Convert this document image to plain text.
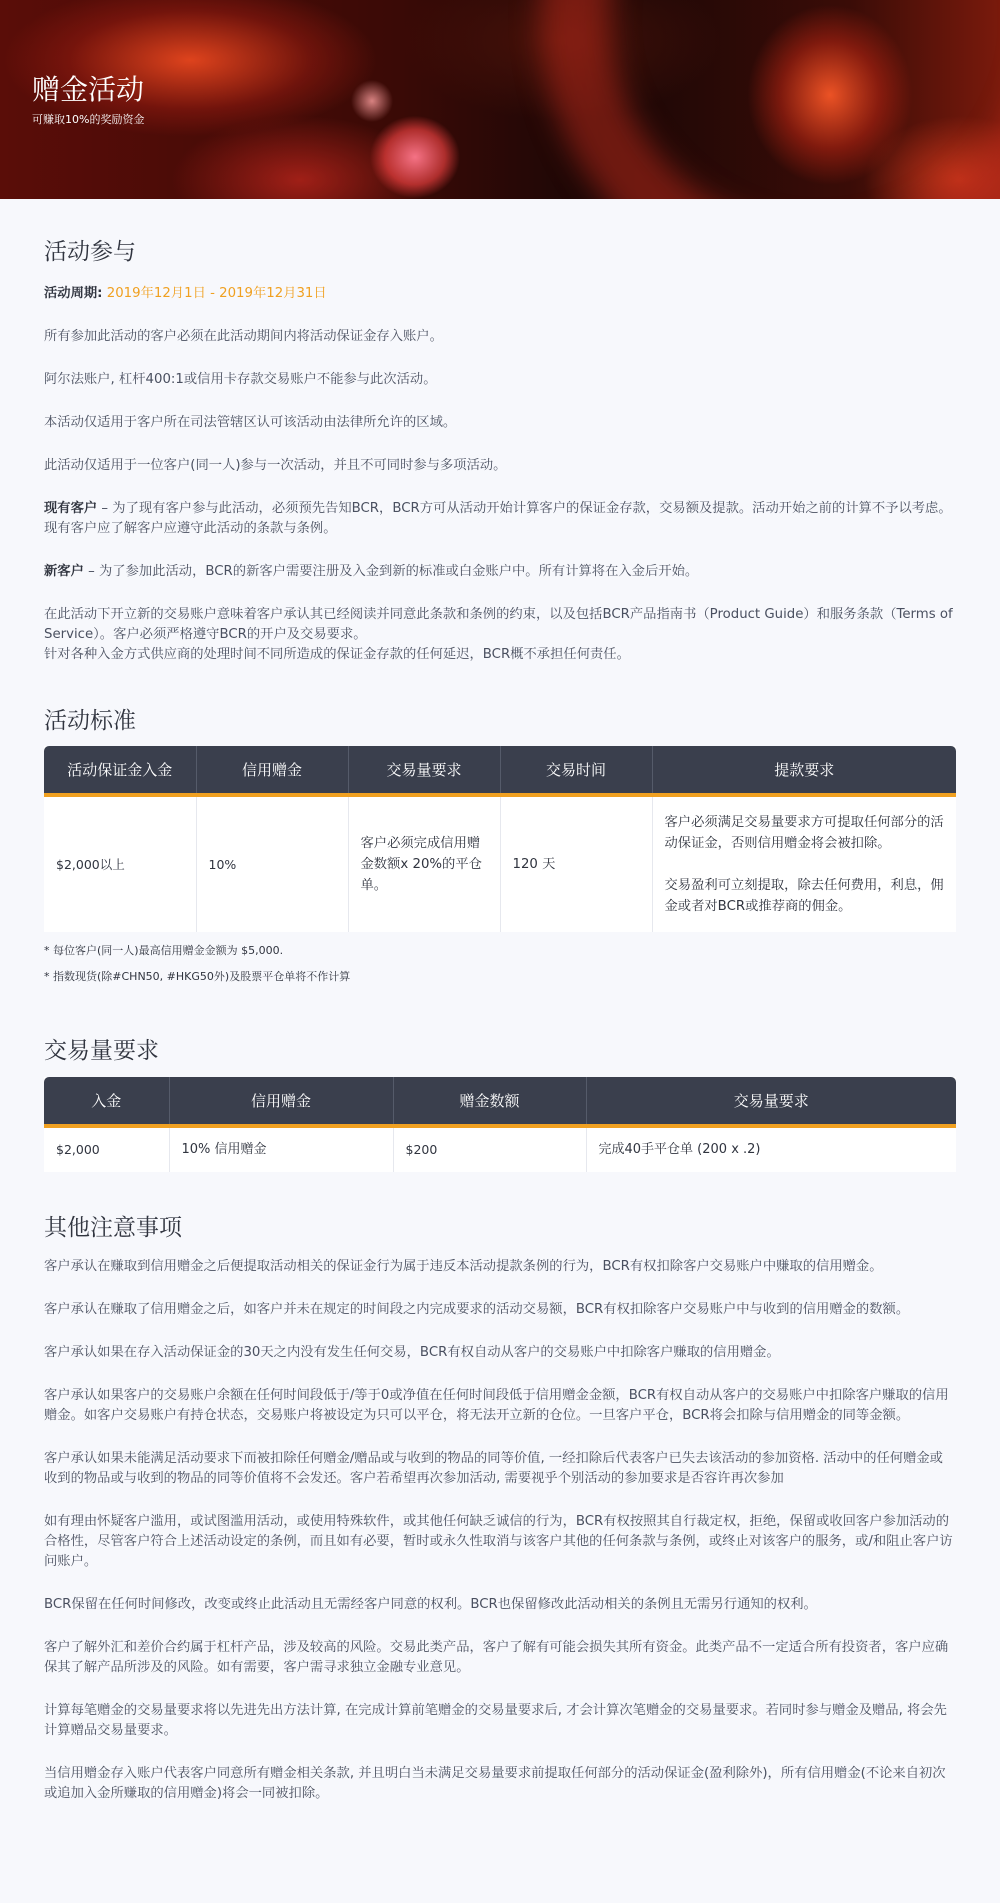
赠金活动
可赚取10%的奖励资金
活动参与

活动周期: 2019年12月1日 - 2019年12月31日

所有参加此活动的客户必须在此活动期间内将活动保证金存入账户。

阿尔法账户, 杠杆400:1或信用卡存款交易账户不能参与此次活动。

本活动仅适用于客户所在司法管辖区认可该活动由法律所允许的区域。

此活动仅适用于一位客户(同一人)参与一次活动，并且不可同时参与多项活动。

现有客户 – 为了现有客户参与此活动，必须预先告知BCR，BCR方可从活动开始计算客户的保证金存款，交易额及提款。活动开始之前的计算不予以考虑。现有客户应了解客户应遵守此活动的条款与条例。

新客户 – 为了参加此活动，BCR的新客户需要注册及入金到新的标准或白金账户中。所有计算将在入金后开始。

在此活动下开立新的交易账户意味着客户承认其已经阅读并同意此条款和条例的约束，以及包括BCR产品指南书（Product Guide）和服务条款（Terms of Service）。客户必须严格遵守BCR的开户及交易要求。

针对各种入金方式供应商的处理时间不同所造成的保证金存款的任何延迟，BCR概不承担任何责任。

活动标准
活动保证金入金	信用赠金	交易量要求	交易时间	提款要求
$2,000以上	10%	客户必须完成信用赠金数额x 20%的平仓单。	120 天	客户必须满足交易量要求方可提取任何部分的活动保证金，否则信用赠金将会被扣除。
交易盈利可立刻提取，除去任何费用，利息，佣金或者对BCR或推荐商的佣金。
* 每位客户(同一人)最高信用赠金金额为 $5,000.
* 指数现货(除#CHN50, #HKG50外)及股票平仓单将不作计算
交易量要求
入金	信用赠金	赠金数额	交易量要求
$2,000	10% 信用赠金	$200	完成40手平仓单 (200 x .2)
其他注意事项

客户承认在赚取到信用赠金之后便提取活动相关的保证金行为属于违反本活动提款条例的行为，BCR有权扣除客户交易账户中赚取的信用赠金。

客户承认在赚取了信用赠金之后，如客户并未在规定的时间段之内完成要求的活动交易额，BCR有权扣除客户交易账户中与收到的信用赠金的数额。

客户承认如果在存入活动保证金的30天之内没有发生任何交易，BCR有权自动从客户的交易账户中扣除客户赚取的信用赠金。

客户承认如果客户的交易账户余额在任何时间段低于/等于0或净值在任何时间段低于信用赠金金额，BCR有权自动从客户的交易账户中扣除客户赚取的信用赠金。如客户交易账户有持仓状态，交易账户将被设定为只可以平仓，将无法开立新的仓位。一旦客户平仓，BCR将会扣除与信用赠金的同等金额。

客户承认如果未能满足活动要求下而被扣除任何赠金/赠品或与收到的物品的同等价值, 一经扣除后代表客户已失去该活动的参加资格. 活动中的任何赠金或收到的物品或与收到的物品的同等价值将不会发还。客户若希望再次参加活动, 需要视乎个别活动的参加要求是否容许再次参加

如有理由怀疑客户滥用，或试图滥用活动，或使用特殊软件，或其他任何缺乏诚信的行为，BCR有权按照其自行裁定权，拒绝，保留或收回客户参加活动的合格性，尽管客户符合上述活动设定的条例，而且如有必要，暂时或永久性取消与该客户其他的任何条款与条例，或终止对该客户的服务，或/和阻止客户访问账户。

BCR保留在任何时间修改，改变或终止此活动且无需经客户同意的权利。BCR也保留修改此活动相关的条例且无需另行通知的权利。

客户了解外汇和差价合约属于杠杆产品，涉及较高的风险。交易此类产品，客户了解有可能会损失其所有资金。此类产品不一定适合所有投资者，客户应确保其了解产品所涉及的风险。如有需要，客户需寻求独立金融专业意见。

计算每笔赠金的交易量要求将以先进先出方法计算, 在完成计算前笔赠金的交易量要求后, 才会计算次笔赠金的交易量要求。若同时参与赠金及赠品, 将会先计算赠品交易量要求。

当信用赠金存入账户代表客户同意所有赠金相关条款, 并且明白当未满足交易量要求前提取任何部分的活动保证金(盈利除外)，所有信用赠金(不论来自初次或追加入金所赚取的信用赠金)将会一同被扣除。
